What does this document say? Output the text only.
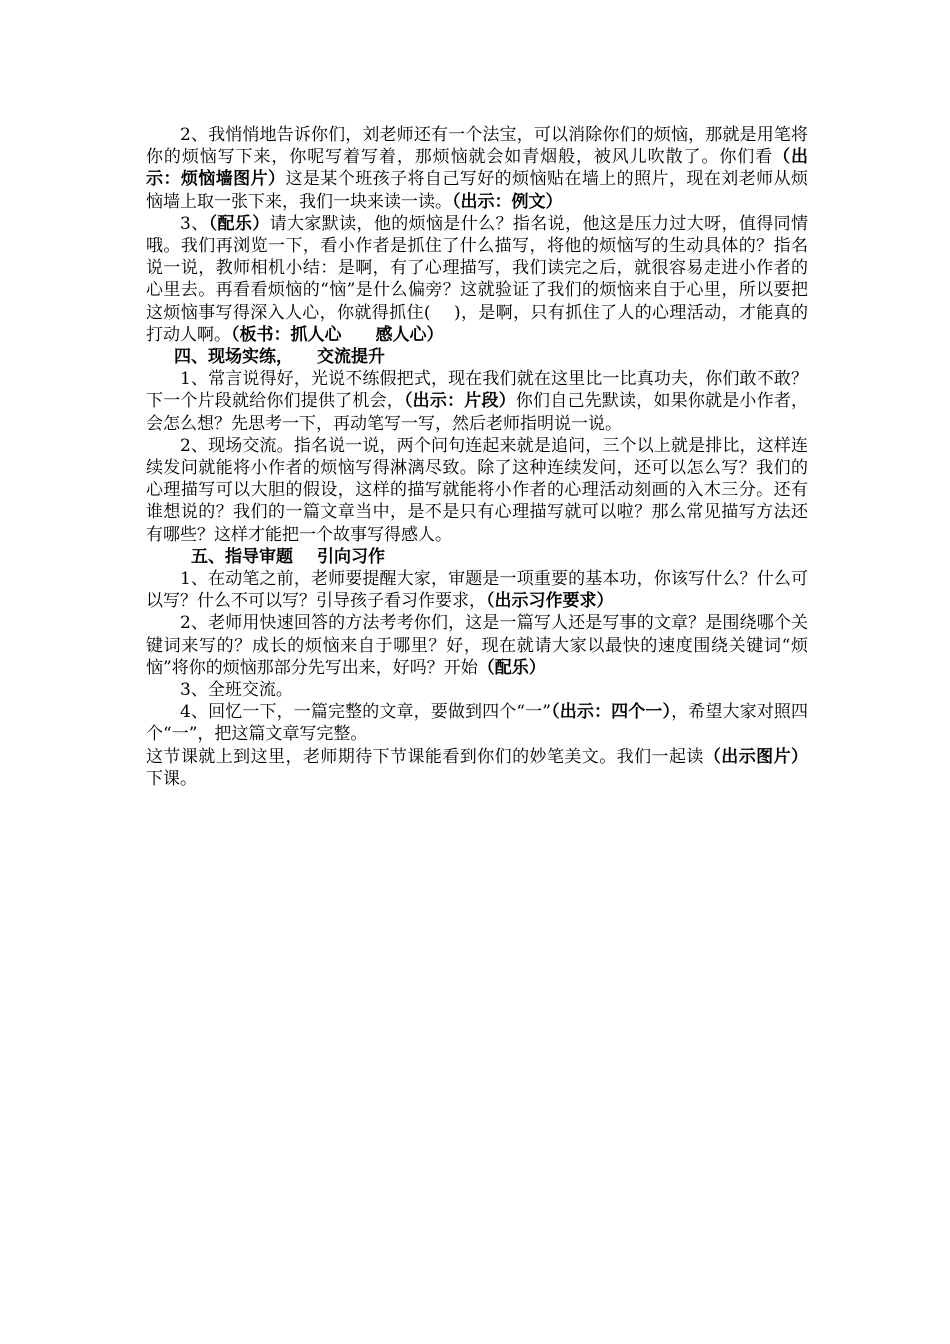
2、我悄悄地告诉你们，刘老师还有一个法宝，可以消除你们的烦恼，那就是用笔将你的烦恼写下来，你呢写着写着，那烦恼就会如青烟般，被风儿吹散了。你们看（出示：烦恼墙图片）这是某个班孩子将自己写好的烦恼贴在墙上的照片，现在刘老师从烦恼墙上取一张下来，我们一块来读一读。（出示：例文）

3、（配乐）请大家默读，他的烦恼是什么？指名说，他这是压力过大呀，值得同情哦。我们再浏览一下，看小作者是抓住了什么描写，将他的烦恼写的生动具体的？指名说一说，教师相机小结：是啊，有了心理描写，我们读完之后，就很容易走进小作者的心里去。再看看烦恼的“恼”是什么偏旁？这就验证了我们的烦恼来自于心里，所以要把这烦恼事写得深入人心，你就得抓住(　 )，是啊，只有抓住了人的心理活动，才能真的打动人啊。（板书：抓人心　　感人心）

四、现场实练， 交流提升

1、常言说得好，光说不练假把式，现在我们就在这里比一比真功夫，你们敢不敢？下一个片段就给你们提供了机会，（出示：片段）你们自己先默读，如果你就是小作者，会怎么想？先思考一下，再动笔写一写，然后老师指明说一说。

2、现场交流。指名说一说，两个问句连起来就是追问，三个以上就是排比，这样连续发问就能将小作者的烦恼写得淋漓尽致。除了这种连续发问，还可以怎么写？我们的心理描写可以大胆的假设，这样的描写就能将小作者的心理活动刻画的入木三分。还有谁想说的？我们的一篇文章当中，是不是只有心理描写就可以啦？那么常见描写方法还有哪些？这样才能把一个故事写得感人。

五、指导审题 引向习作

1、在动笔之前，老师要提醒大家，审题是一项重要的基本功，你该写什么？什么可以写？什么不可以写？引导孩子看习作要求，（出示习作要求）

2、老师用快速回答的方法考考你们，这是一篇写人还是写事的文章？是围绕哪个关键词来写的？成长的烦恼来自于哪里？好，现在就请大家以最快的速度围绕关键词“烦恼”将你的烦恼那部分先写出来，好吗？开始（配乐）

3、全班交流。

4、回忆一下，一篇完整的文章，要做到四个“一”（出示：四个一），希望大家对照四个“一”，把这篇文章写完整。

这节课就上到这里，老师期待下节课能看到你们的妙笔美文。我们一起读（出示图片）下课。
